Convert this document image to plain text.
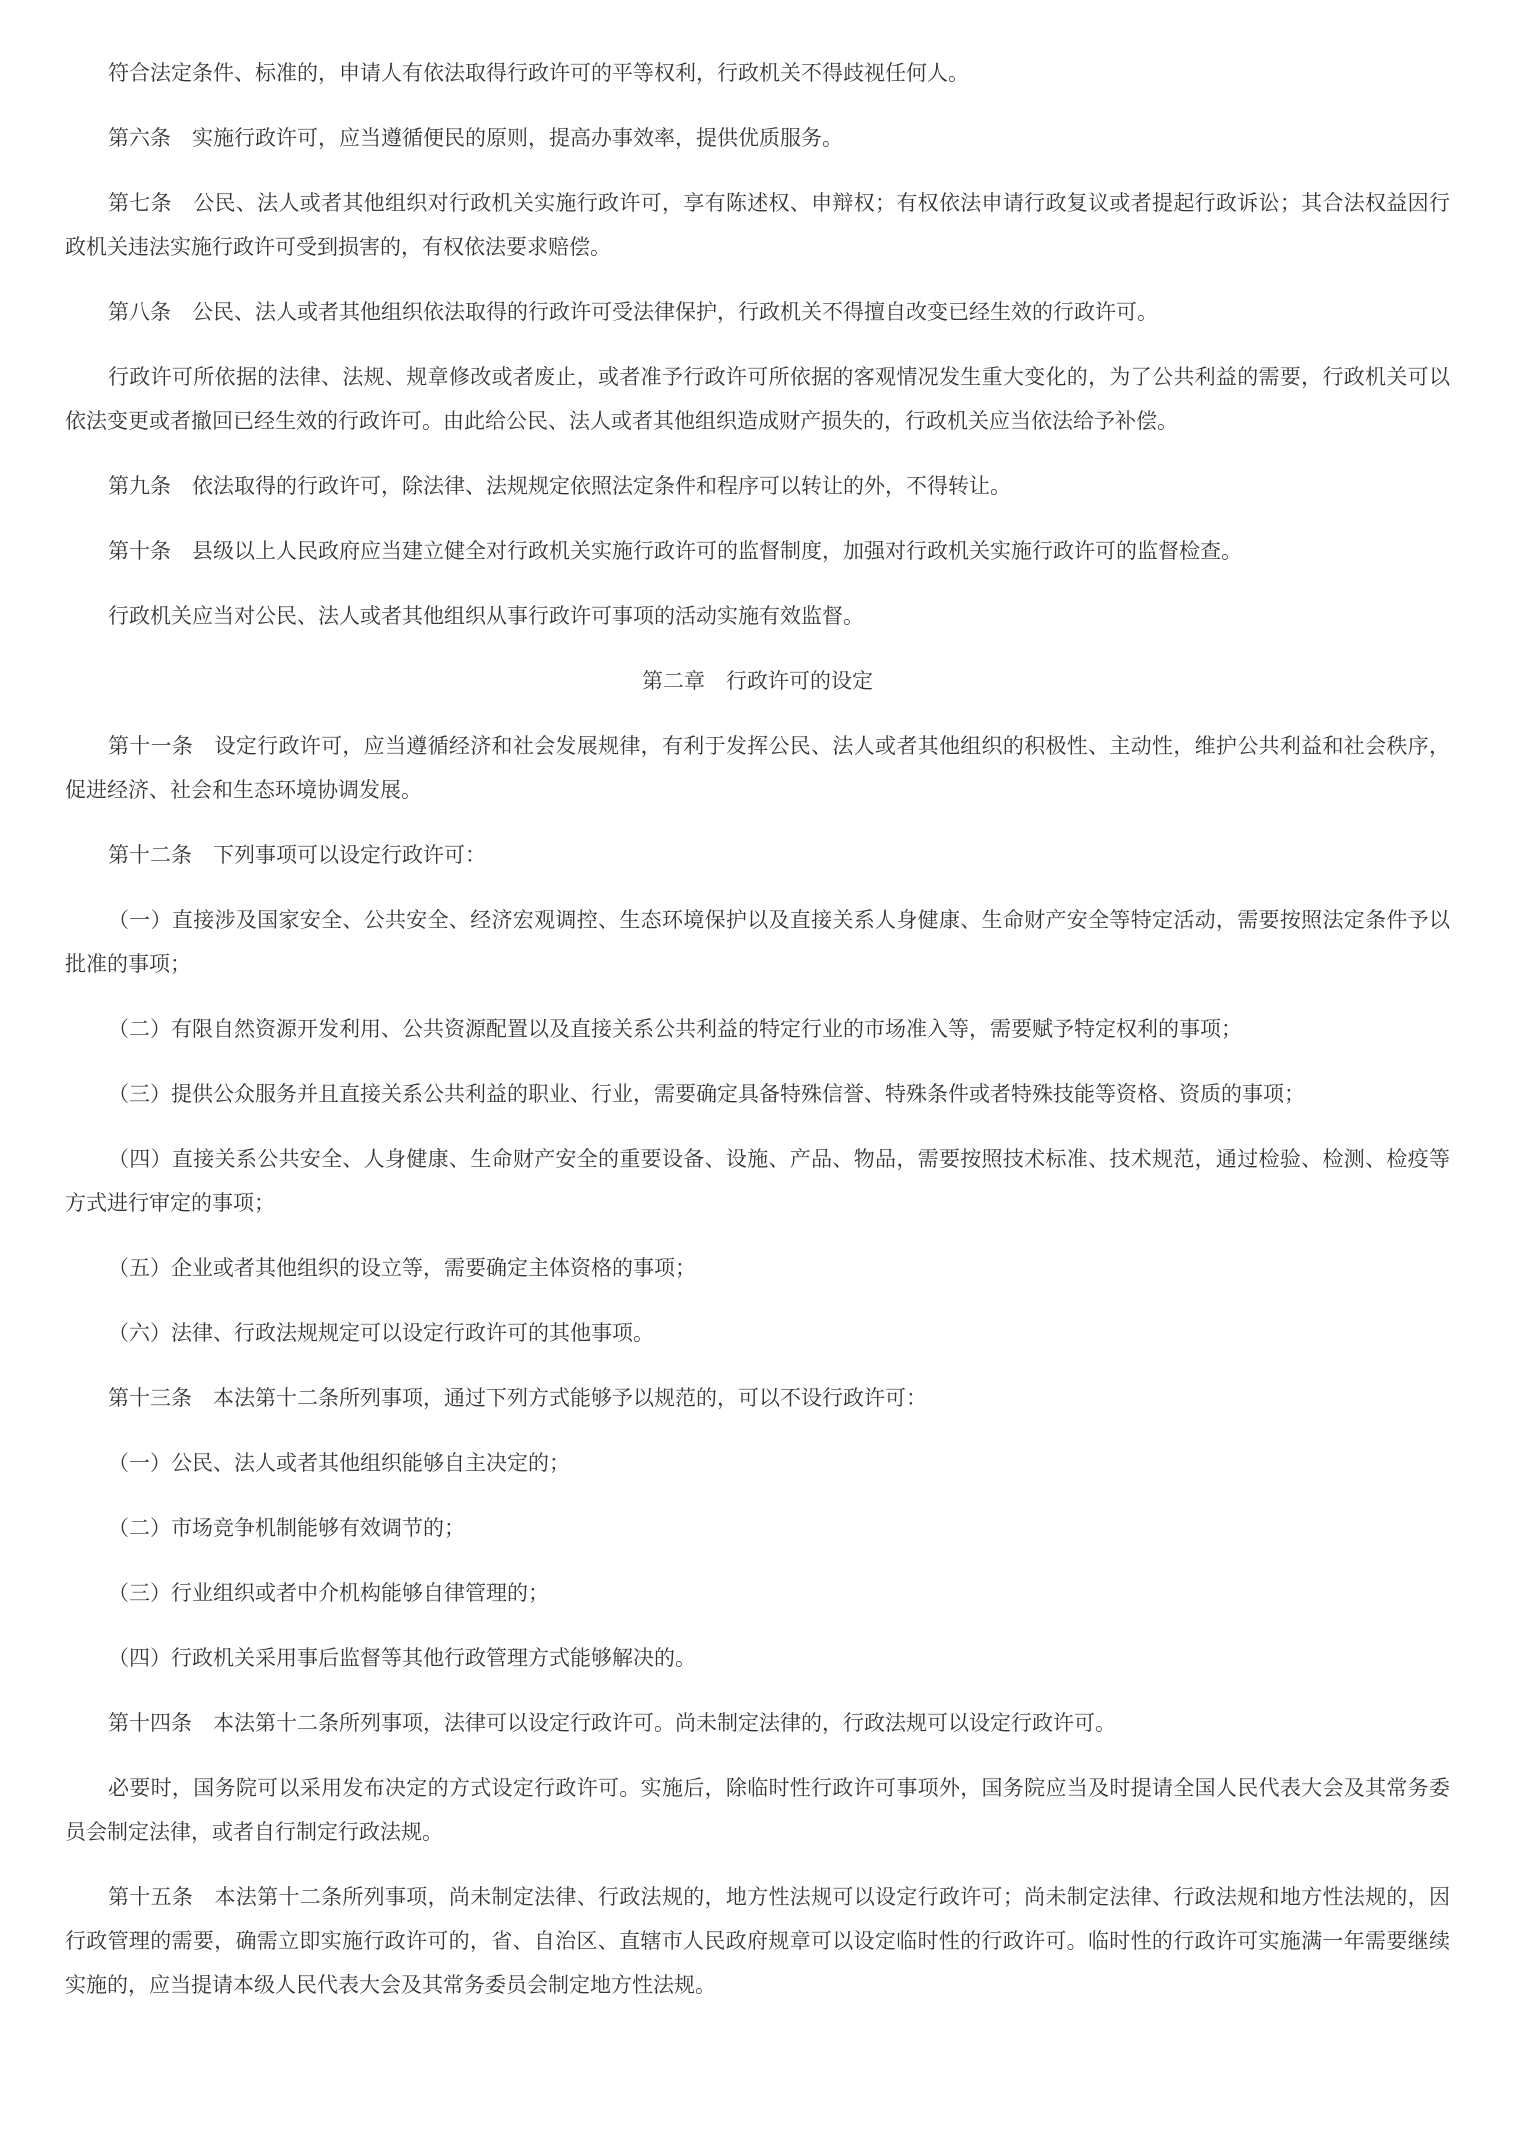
符合法定条件、标准的，申请人有依法取得行政许可的平等权利，行政机关不得歧视任何人。

第六条　实施行政许可，应当遵循便民的原则，提高办事效率，提供优质服务。

第七条　公民、法人或者其他组织对行政机关实施行政许可，享有陈述权、申辩权；有权依法申请行政复议或者提起行政诉讼；其合法权益因行政机关违法实施行政许可受到损害的，有权依法要求赔偿。

第八条　公民、法人或者其他组织依法取得的行政许可受法律保护，行政机关不得擅自改变已经生效的行政许可。

行政许可所依据的法律、法规、规章修改或者废止，或者准予行政许可所依据的客观情况发生重大变化的，为了公共利益的需要，行政机关可以依法变更或者撤回已经生效的行政许可。由此给公民、法人或者其他组织造成财产损失的，行政机关应当依法给予补偿。

第九条　依法取得的行政许可，除法律、法规规定依照法定条件和程序可以转让的外，不得转让。

第十条　县级以上人民政府应当建立健全对行政机关实施行政许可的监督制度，加强对行政机关实施行政许可的监督检查。

行政机关应当对公民、法人或者其他组织从事行政许可事项的活动实施有效监督。

第二章　行政许可的设定

第十一条　设定行政许可，应当遵循经济和社会发展规律，有利于发挥公民、法人或者其他组织的积极性、主动性，维护公共利益和社会秩序，促进经济、社会和生态环境协调发展。

第十二条　下列事项可以设定行政许可：

（一）直接涉及国家安全、公共安全、经济宏观调控、生态环境保护以及直接关系人身健康、生命财产安全等特定活动，需要按照法定条件予以批准的事项；

（二）有限自然资源开发利用、公共资源配置以及直接关系公共利益的特定行业的市场准入等，需要赋予特定权利的事项；

（三）提供公众服务并且直接关系公共利益的职业、行业，需要确定具备特殊信誉、特殊条件或者特殊技能等资格、资质的事项；

（四）直接关系公共安全、人身健康、生命财产安全的重要设备、设施、产品、物品，需要按照技术标准、技术规范，通过检验、检测、检疫等方式进行审定的事项；

（五）企业或者其他组织的设立等，需要确定主体资格的事项；

（六）法律、行政法规规定可以设定行政许可的其他事项。

第十三条　本法第十二条所列事项，通过下列方式能够予以规范的，可以不设行政许可：

（一）公民、法人或者其他组织能够自主决定的；

（二）市场竞争机制能够有效调节的；

（三）行业组织或者中介机构能够自律管理的；

（四）行政机关采用事后监督等其他行政管理方式能够解决的。

第十四条　本法第十二条所列事项，法律可以设定行政许可。尚未制定法律的，行政法规可以设定行政许可。

必要时，国务院可以采用发布决定的方式设定行政许可。实施后，除临时性行政许可事项外，国务院应当及时提请全国人民代表大会及其常务委员会制定法律，或者自行制定行政法规。

第十五条　本法第十二条所列事项，尚未制定法律、行政法规的，地方性法规可以设定行政许可；尚未制定法律、行政法规和地方性法规的，因行政管理的需要，确需立即实施行政许可的，省、自治区、直辖市人民政府规章可以设定临时性的行政许可。临时性的行政许可实施满一年需要继续实施的，应当提请本级人民代表大会及其常务委员会制定地方性法规。
